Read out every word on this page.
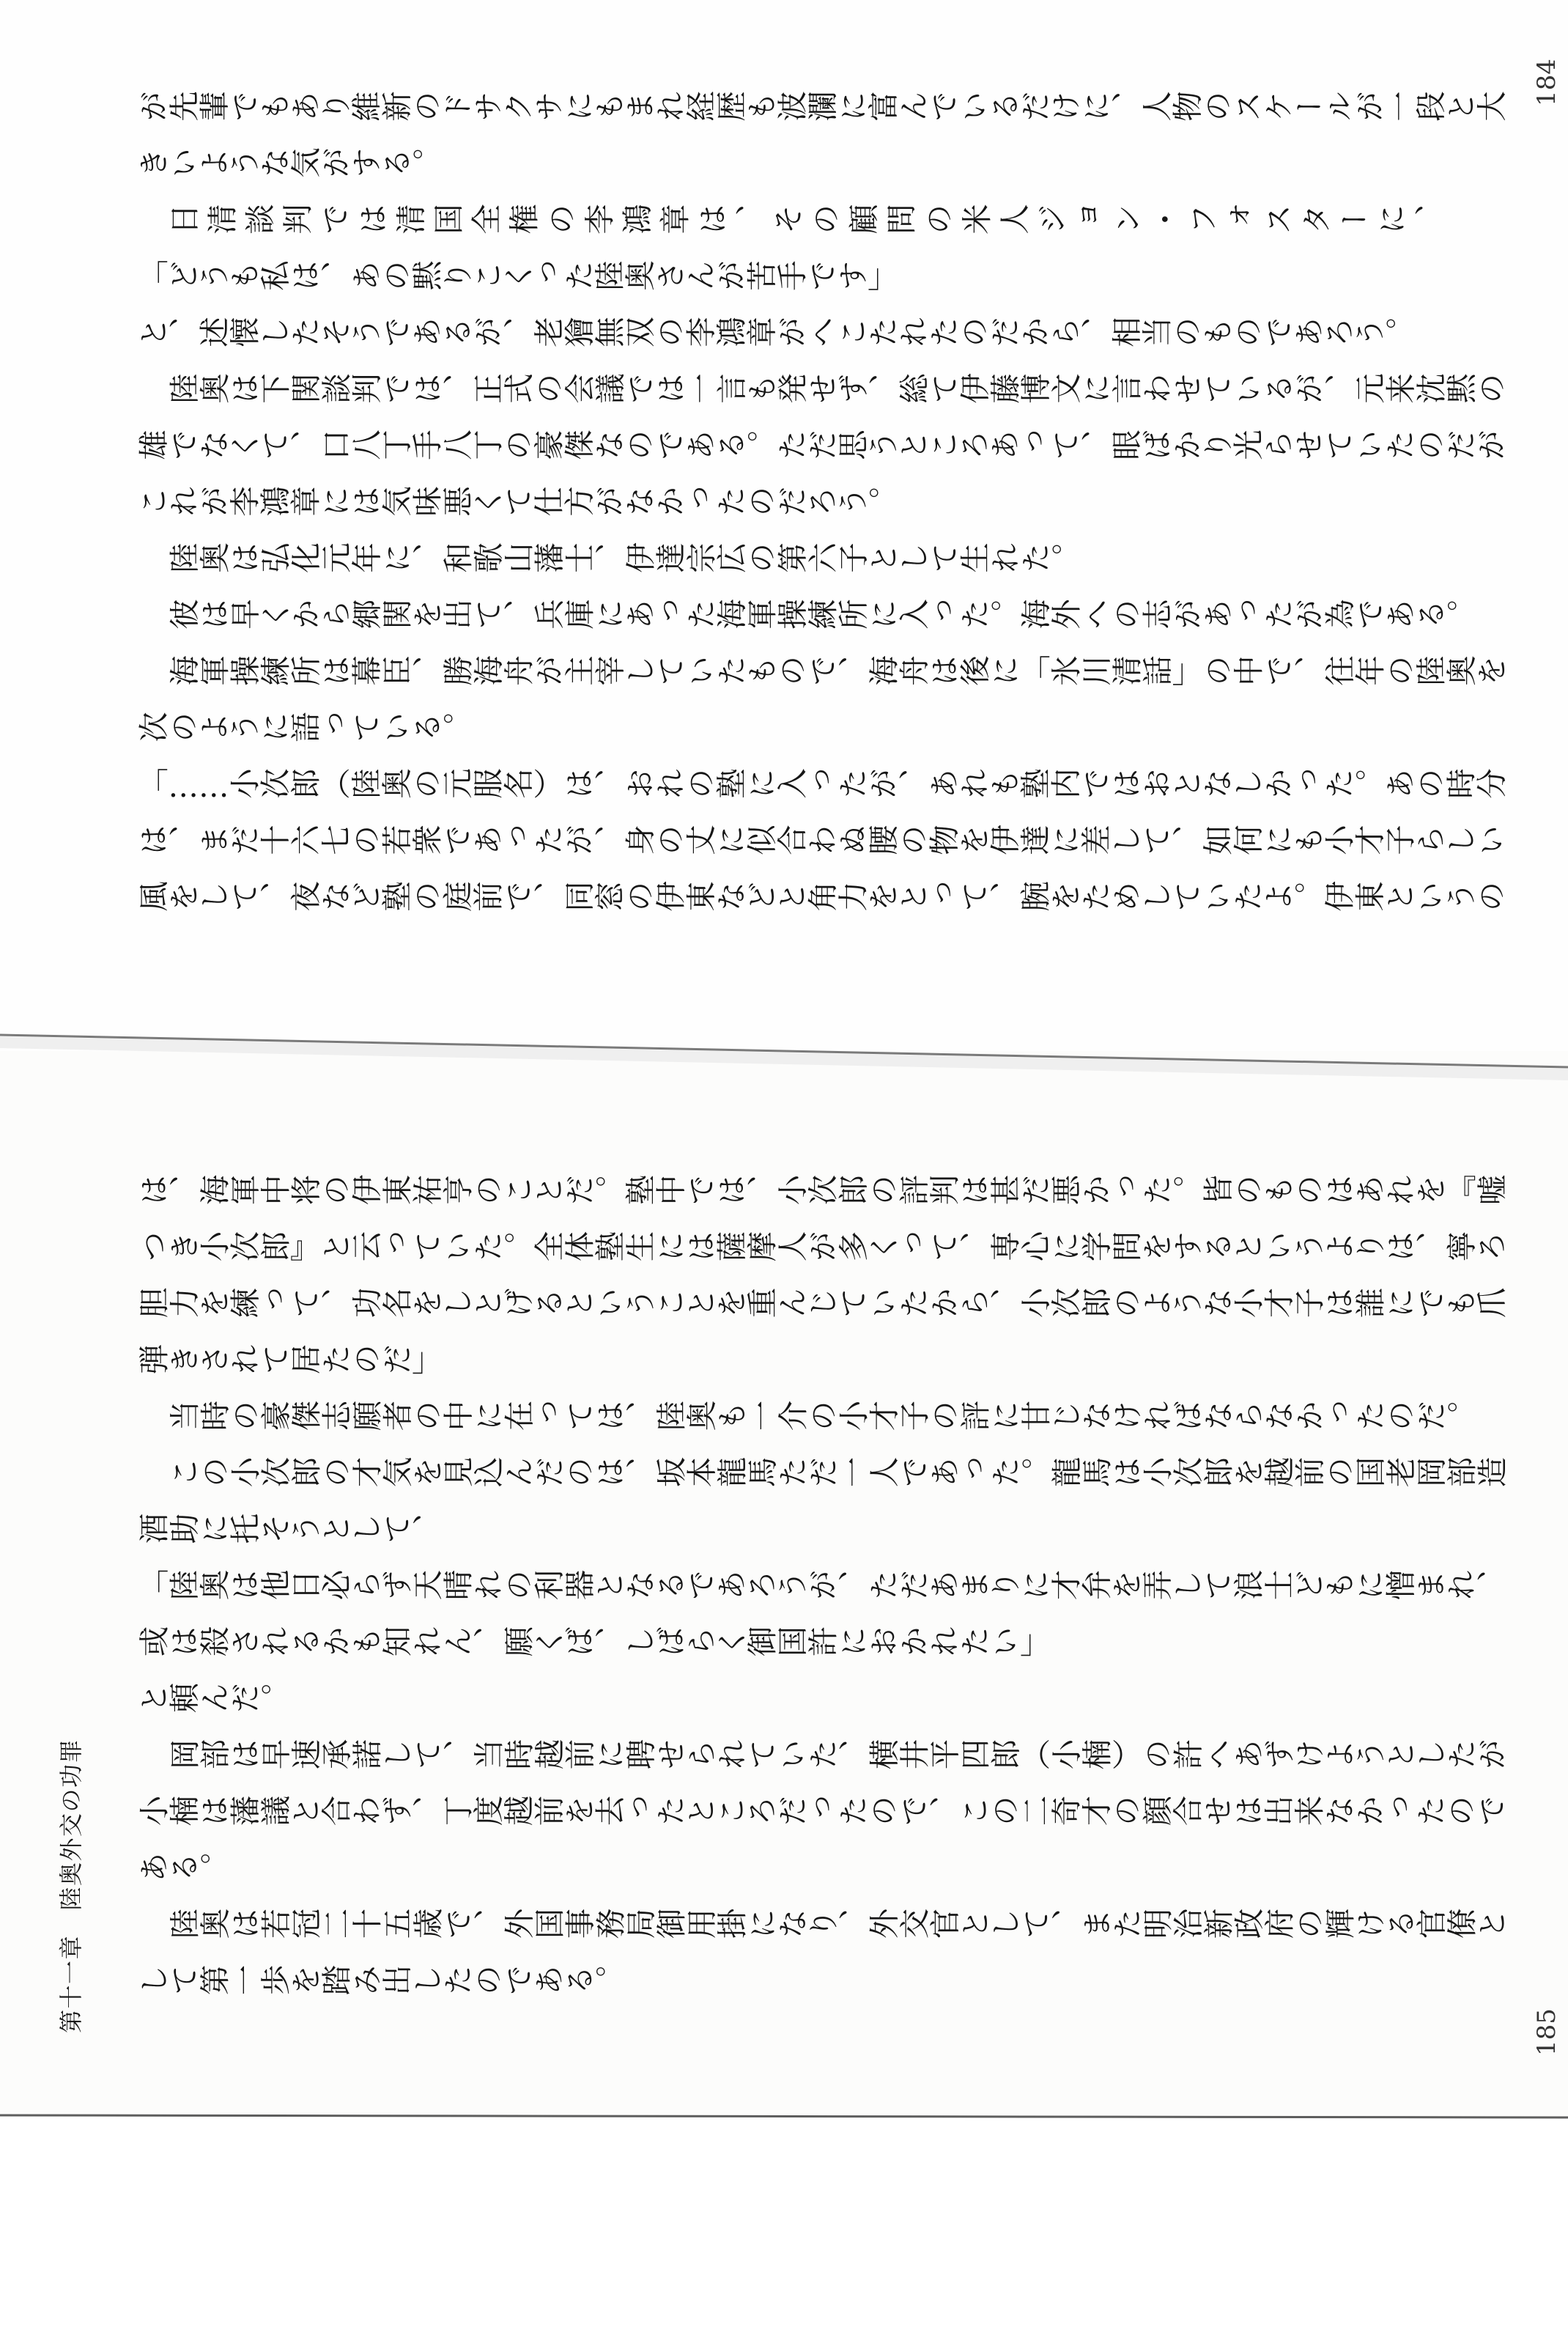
が先輩でもあり維新のドサクサにもまれ経歴も波瀾に富んでいるだけに、人物のスケールが一段と大
きいような気がする。
日清談判では清国全権の李鴻章は、その顧問の米人ジョン・フォスターに、
「どうも私は、あの黙りこくった陸奥さんが苦手です」
と、述懐したそうであるが、老獪無双の李鴻章がへこたれたのだから、相当のものであろう。
陸奥は下関談判では、正式の会議では一言も発せず、総て伊藤博文に言わせているが、元来沈黙の
雄でなくて、口八丁手八丁の豪傑なのである。ただ思うところあって、眼ばかり光らせていたのだが
これが李鴻章には気味悪くて仕方がなかったのだろう。
陸奥は弘化元年に、和歌山藩士、伊達宗広の第六子として生れた。
彼は早くから郷関を出て、兵庫にあった海軍操練所に入った。海外への志があったが為である。
海軍操練所は幕臣、勝海舟が主宰していたもので、海舟は後に「氷川清話」の中で、往年の陸奥を
次のように語っている。
「……小次郎（陸奥の元服名）は、おれの塾に入ったが、あれも塾内ではおとなしかった。あの時分
は、まだ十六七の若衆であったが、身の丈に似合わぬ腰の物を伊達に差して、如何にも小才子らしい
風をして、夜など塾の庭前で、同窓の伊東などと角力をとって、腕をためしていたよ。伊東というの
184
は、海軍中将の伊東祐亨のことだ。塾中では、小次郎の評判は甚だ悪かった。皆のものはあれを『嘘
つき小次郎』と云っていた。全体塾生には薩摩人が多くって、専心に学問をするというよりは、寧ろ
胆力を練って、功名をしとげるということを重んじていたから、小次郎のような小才子は誰にでも爪
弾きされて居たのだ」
当時の豪傑志願者の中に在っては、陸奥も一介の小才子の評に甘じなければならなかったのだ。
この小次郎の才気を見込んだのは、坂本龍馬ただ一人であった。龍馬は小次郎を越前の国老岡部造
酒助に托そうとして、
「陸奥は他日必らず天晴れの利器となるであろうが、ただあまりに才弁を弄して浪士どもに憎まれ、
或は殺されるかも知れん、願くば、しばらく御国許におかれたい」
と頼んだ。
岡部は早速承諾して、当時越前に聘せられていた、横井平四郎（小楠）の許へあずけようとしたが
小楠は藩議と合わず、丁度越前を去ったところだったので、この二奇才の顔合せは出来なかったので
ある。
陸奥は若冠二十五歳で、外国事務局御用掛になり、外交官として、また明治新政府の輝ける官僚と
して第一歩を踏み出したのである。
第十一章　陸奥外交の功罪	185
